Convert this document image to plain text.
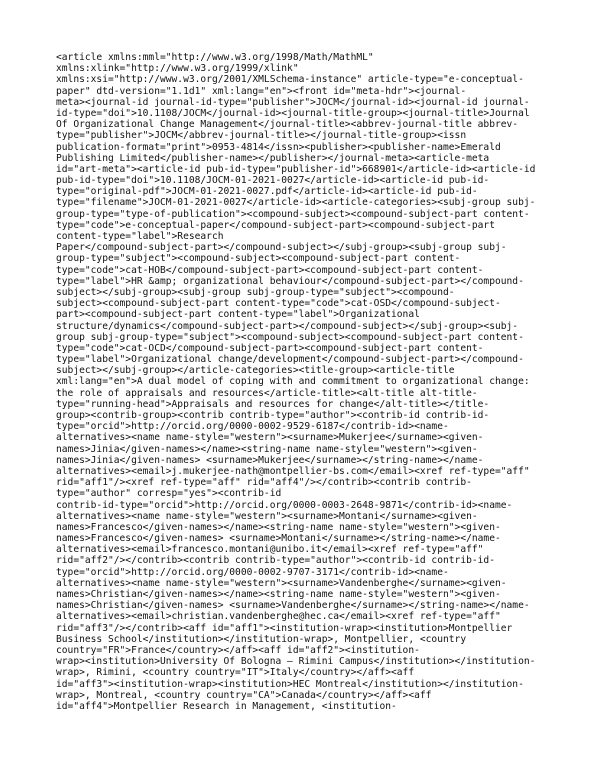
<article xmlns:mml="http://www.w3.org/1998/Math/MathML"
xmlns:xlink="http://www.w3.org/1999/xlink"
xmlns:xsi="http://www.w3.org/2001/XMLSchema-instance" article-type="e-conceptual-
paper" dtd-version="1.1d1" xml:lang="en"><front id="meta-hdr"><journal-
meta><journal-id journal-id-type="publisher">JOCM</journal-id><journal-id journal-
id-type="doi">10.1108/JOCM</journal-id><journal-title-group><journal-title>Journal
Of Organizational Change Management</journal-title><abbrev-journal-title abbrev-
type="publisher">JOCM</abbrev-journal-title></journal-title-group><issn
publication-format="print">0953-4814</issn><publisher><publisher-name>Emerald
Publishing Limited</publisher-name></publisher></journal-meta><article-meta
id="art-meta"><article-id pub-id-type="publisher-id">668901</article-id><article-id
pub-id-type="doi">10.1108/JOCM-01-2021-0027</article-id><article-id pub-id-
type="original-pdf">JOCM-01-2021-0027.pdf</article-id><article-id pub-id-
type="filename">JOCM-01-2021-0027</article-id><article-categories><subj-group subj-
group-type="type-of-publication"><compound-subject><compound-subject-part content-
type="code">e-conceptual-paper</compound-subject-part><compound-subject-part
content-type="label">Research
Paper</compound-subject-part></compound-subject></subj-group><subj-group subj-
group-type="subject"><compound-subject><compound-subject-part content-
type="code">cat-HOB</compound-subject-part><compound-subject-part content-
type="label">HR &amp; organizational behaviour</compound-subject-part></compound-
subject></subj-group><subj-group subj-group-type="subject"><compound-
subject><compound-subject-part content-type="code">cat-OSD</compound-subject-
part><compound-subject-part content-type="label">Organizational
structure/dynamics</compound-subject-part></compound-subject></subj-group><subj-
group subj-group-type="subject"><compound-subject><compound-subject-part content-
type="code">cat-OCD</compound-subject-part><compound-subject-part content-
type="label">Organizational change/development</compound-subject-part></compound-
subject></subj-group></article-categories><title-group><article-title
xml:lang="en">A dual model of coping with and commitment to organizational change:
the role of appraisals and resources</article-title><alt-title alt-title-
type="running-head">Appraisals and resources for change</alt-title></title-
group><contrib-group><contrib contrib-type="author"><contrib-id contrib-id-
type="orcid">http://orcid.org/0000-0002-9529-6187</contrib-id><name-
alternatives><name name-style="western"><surname>Mukerjee</surname><given-
names>Jinia</given-names></name><string-name name-style="western"><given-
names>Jinia</given-names> <surname>Mukerjee</surname></string-name></name-
alternatives><email>j.mukerjee-nath@montpellier-bs.com</email><xref ref-type="aff"
rid="aff1"/><xref ref-type="aff" rid="aff4"/></contrib><contrib contrib-
type="author" corresp="yes"><contrib-id
contrib-id-type="orcid">http://orcid.org/0000-0003-2648-9871</contrib-id><name-
alternatives><name name-style="western"><surname>Montani</surname><given-
names>Francesco</given-names></name><string-name name-style="western"><given-
names>Francesco</given-names> <surname>Montani</surname></string-name></name-
alternatives><email>francesco.montani@unibo.it</email><xref ref-type="aff"
rid="aff2"/></contrib><contrib contrib-type="author"><contrib-id contrib-id-
type="orcid">http://orcid.org/0000-0002-9707-3171</contrib-id><name-
alternatives><name name-style="western"><surname>Vandenberghe</surname><given-
names>Christian</given-names></name><string-name name-style="western"><given-
names>Christian</given-names> <surname>Vandenberghe</surname></string-name></name-
alternatives><email>christian.vandenberghe@hec.ca</email><xref ref-type="aff"
rid="aff3"/></contrib><aff id="aff1"><institution-wrap><institution>Montpellier
Business School</institution></institution-wrap>, Montpellier, <country
country="FR">France</country></aff><aff id="aff2"><institution-
wrap><institution>University Of Bologna – Rimini Campus</institution></institution-
wrap>, Rimini, <country country="IT">Italy</country></aff><aff
id="aff3"><institution-wrap><institution>HEC Montreal</institution></institution-
wrap>, Montreal, <country country="CA">Canada</country></aff><aff
id="aff4">Montpellier Research in Management, <institution-
